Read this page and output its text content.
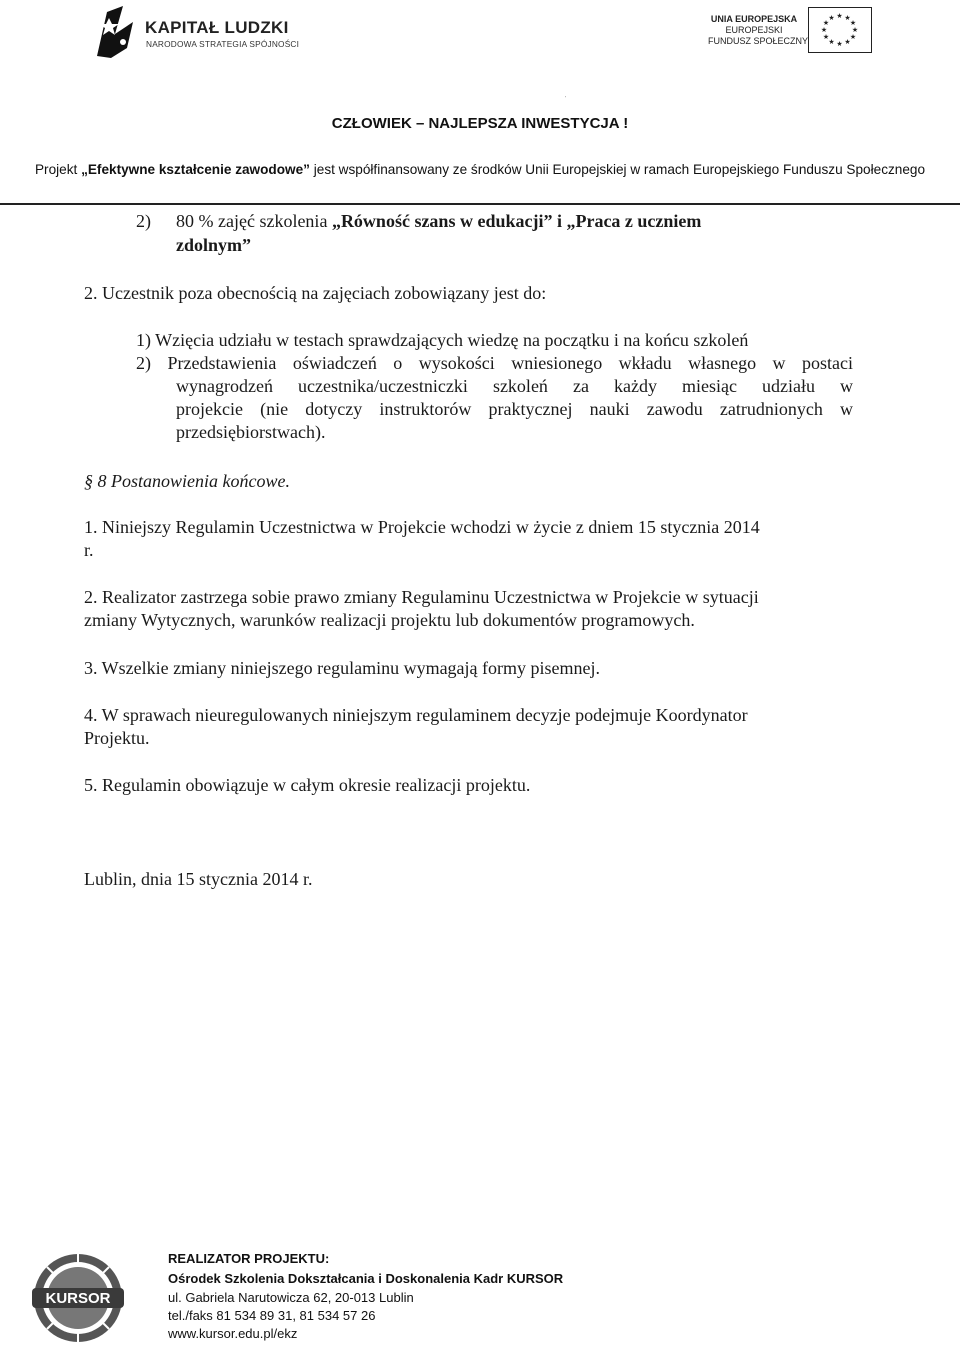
KAPITAŁ LUDZKI
NARODOWA STRATEGIA SPÓJNOŚCI
UNIA EUROPEJSKA
EUROPEJSKI
FUNDUSZ SPOŁECZNY
★ ★
★
★
★
★
★
★
★
★
★
★
'
CZŁOWIEK – NAJLEPSZA INWESTYCJA !
Projekt „Efektywne kształcenie zawodowe” jest współfinansowany ze środków Unii Europejskiej w ramach Europejskiego Funduszu Społecznego
2) 80 % zajęć szkolenia „Równość szans w edukacji” i „Praca z uczniem
zdolnym”
2. Uczestnik poza obecnością na zajęciach zobowiązany jest do:
1) Wzięcia udziału w testach sprawdzających wiedzę na początku i na końcu szkoleń
2) Przedstawienia oświadczeń o wysokości wniesionego wkładu własnego w postaci
wynagrodzeń uczestnika/uczestniczki szkoleń za każdy miesiąc udziału w
projekcie (nie dotyczy instruktorów praktycznej nauki zawodu zatrudnionych w
przedsiębiorstwach).
§ 8 Postanowienia końcowe.
1. Niniejszy Regulamin Uczestnictwa w Projekcie wchodzi w życie z dniem 15 stycznia 2014
r.
2. Realizator zastrzega sobie prawo zmiany Regulaminu Uczestnictwa w Projekcie w sytuacji
zmiany Wytycznych, warunków realizacji projektu lub dokumentów programowych.
3. Wszelkie zmiany niniejszego regulaminu wymagają formy pisemnej.
4. W sprawach nieuregulowanych niniejszym regulaminem decyzje podejmuje Koordynator
Projektu.
5. Regulamin obowiązuje w całym okresie realizacji projektu.
Lublin, dnia 15 stycznia 2014 r.
KURSOR
REALIZATOR PROJEKTU:
Ośrodek Szkolenia Dokształcania i Doskonalenia Kadr KURSOR
ul. Gabriela Narutowicza 62, 20-013 Lublin
tel./faks 81 534 89 31, 81 534 57 26
www.kursor.edu.pl/ekz
